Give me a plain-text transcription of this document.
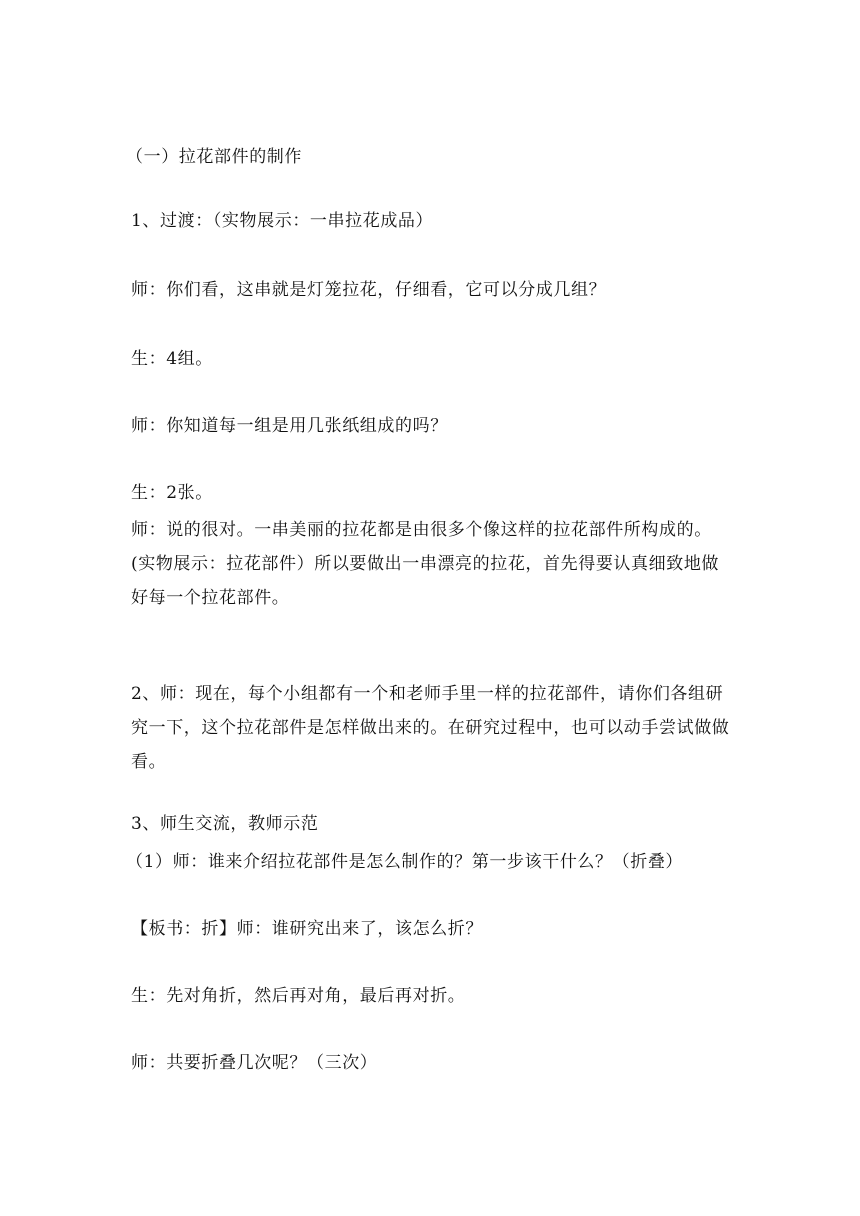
（一）拉花部件的制作

1、过渡：（实物展示：一串拉花成品）

师：你们看，这串就是灯笼拉花，仔细看，它可以分成几组？

生：4组。

师：你知道每一组是用几张纸组成的吗？

生：2张。

师：说的很对。一串美丽的拉花都是由很多个像这样的拉花部件所构成的。(实物展示：拉花部件）所以要做出一串漂亮的拉花，首先得要认真细致地做好每一个拉花部件。

2、师：现在，每个小组都有一个和老师手里一样的拉花部件，请你们各组研究一下，这个拉花部件是怎样做出来的。在研究过程中，也可以动手尝试做做看。

3、师生交流，教师示范

（1）师：谁来介绍拉花部件是怎么制作的？第一步该干什么？（折叠）

【板书：折】师：谁研究出来了，该怎么折？

生：先对角折，然后再对角，最后再对折。

师：共要折叠几次呢？（三次）
